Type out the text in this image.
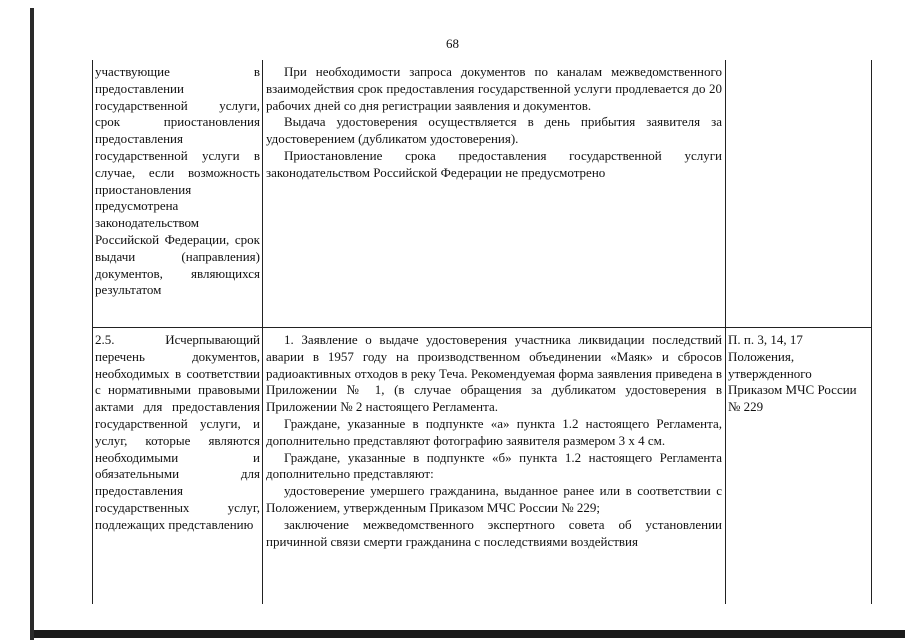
68

участвующие в предоставлении государственной услуги, срок приостановления предоставления государственной услуги в случае, если возможность приостановления предусмотрена законодательством Российской Федерации, срок выдачи (направления) документов, являющихся результатом

При необходимости запроса документов по каналам межведомственного взаимодействия срок предоставления государственной услуги продлевается до 20 рабочих дней со дня регистрации заявления и документов.

Выдача удостоверения осуществляется в день прибытия заявителя за удостоверением (дубликатом удостоверения).

Приостановление срока предоставления государственной услуги законодательством Российской Федерации не предусмотрено

2.5. Исчерпывающий перечень документов, необходимых в соответствии с нормативными правовыми актами для предоставления государственной услуги, и услуг, которые являются необходимыми и обязательными для предоставления государственных услуг, подлежащих представлению

1. Заявление о выдаче удостоверения участника ликвидации последствий аварии в 1957 году на производственном объединении «Маяк» и сбросов радиоактивных отходов в реку Теча. Рекомендуемая форма заявления приведена в Приложении № 1, (в случае обращения за дубликатом удостоверения в Приложении № 2 настоящего Регламента.

Граждане, указанные в подпункте «а» пункта 1.2 настоящего Регламента, дополнительно представляют фотографию заявителя размером 3 х 4 см.

Граждане, указанные в подпункте «б» пункта 1.2 настоящего Регламента дополнительно представляют:

удостоверение умершего гражданина, выданное ранее или в соответствии с Положением, утвержденным Приказом МЧС России № 229;

заключение межведомственного экспертного совета об установлении причинной связи смерти гражданина с последствиями воздействия

П. п. 3, 14, 17 Положения, утвержденного Приказом МЧС России № 229
